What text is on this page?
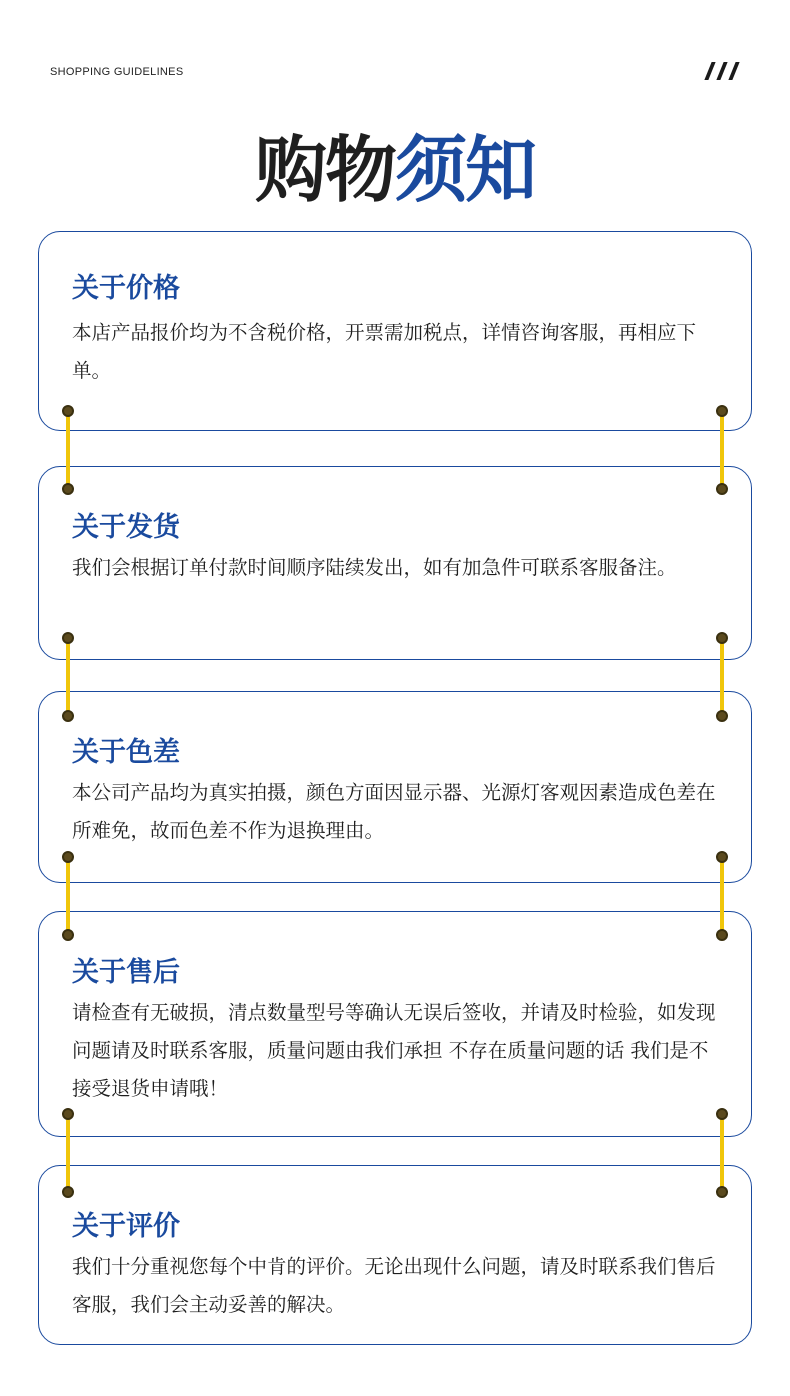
SHOPPING GUIDELINES
购物须知
关于价格
本店产品报价均为不含税价格，开票需加税点，详情咨询客服，再相应下单。
关于发货
我们会根据订单付款时间顺序陆续发出，如有加急件可联系客服备注。
关于色差
本公司产品均为真实拍摄，颜色方面因显示器、光源灯客观因素造成色差在所难免，故而色差不作为退换理由。
关于售后
请检查有无破损，清点数量型号等确认无误后签收，并请及时检验，如发现问题请及时联系客服，质量问题由我们承担 不存在质量问题的话 我们是不接受退货申请哦！
关于评价
我们十分重视您每个中肯的评价。无论出现什么问题，请及时联系我们售后客服，我们会主动妥善的解决。
